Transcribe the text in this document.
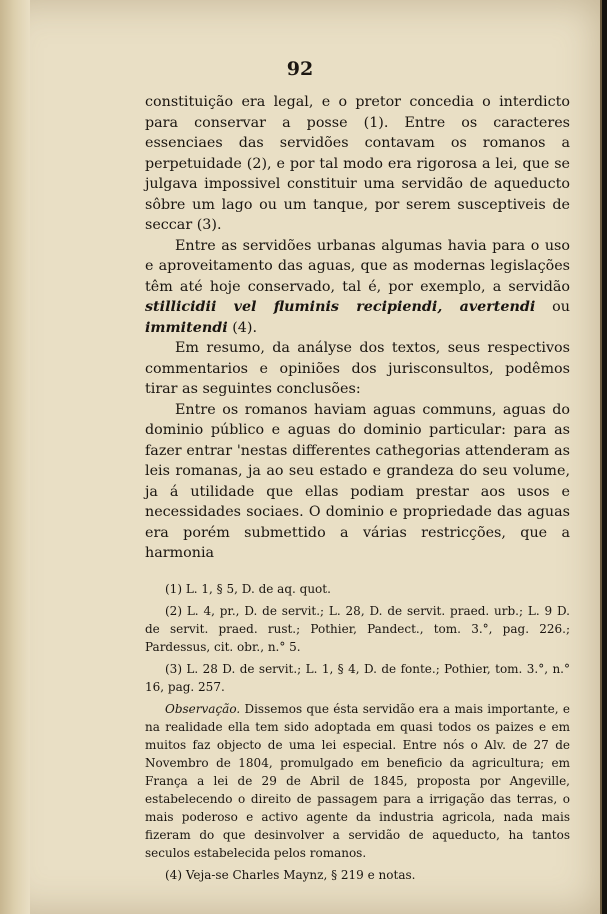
92

constituição era legal, e o pretor concedia o interdicto para conservar a posse (1). Entre os caracteres essenciaes das servidões contavam os romanos a perpetuidade (2), e por tal modo era rigorosa a lei, que se julgava impossivel constituir uma servidão de aqueducto sôbre um lago ou um tanque, por serem susceptiveis de seccar (3).

Entre as servidões urbanas algumas havia para o uso e aproveitamento das aguas, que as modernas legislações têm até hoje conservado, tal é, por exemplo, a servidão stillicidii vel fluminis recipiendi, avertendi ou immitendi (4).

Em resumo, da anályse dos textos, seus respectivos commentarios e opiniões dos jurisconsultos, podêmos tirar as seguintes conclusões:

Entre os romanos haviam aguas communs, aguas do dominio público e aguas do dominio particular: para as fazer entrar 'nestas differentes cathegorias attenderam as leis romanas, ja ao seu estado e grandeza do seu volume, ja á utilidade que ellas podiam prestar aos usos e necessidades sociaes. O dominio e propriedade das aguas era porém submettido a várias restricções, que a harmonia

(1) L. 1, § 5, D. de aq. quot.

(2) L. 4, pr., D. de servit.; L. 28, D. de servit. praed. urb.; L. 9 D. de servit. praed. rust.; Pothier, Pandect., tom. 3.°, pag. 226.; Pardessus, cit. obr., n.° 5.

(3) L. 28 D. de servit.; L. 1, § 4, D. de fonte.; Pothier, tom. 3.°, n.° 16, pag. 257.

Observação. Dissemos que ésta servidão era a mais importante, e na realidade ella tem sido adoptada em quasi todos os paizes e em muitos faz objecto de uma lei especial. Entre nós o Alv. de 27 de Novembro de 1804, promulgado em beneficio da agricultura; em França a lei de 29 de Abril de 1845, proposta por Angeville, estabelecendo o direito de passagem para a irrigação das terras, o mais poderoso e activo agente da industria agricola, nada mais fizeram do que desinvolver a servidão de aqueducto, ha tantos seculos estabelecida pelos romanos.

(4) Veja-se Charles Maynz, § 219 e notas.
